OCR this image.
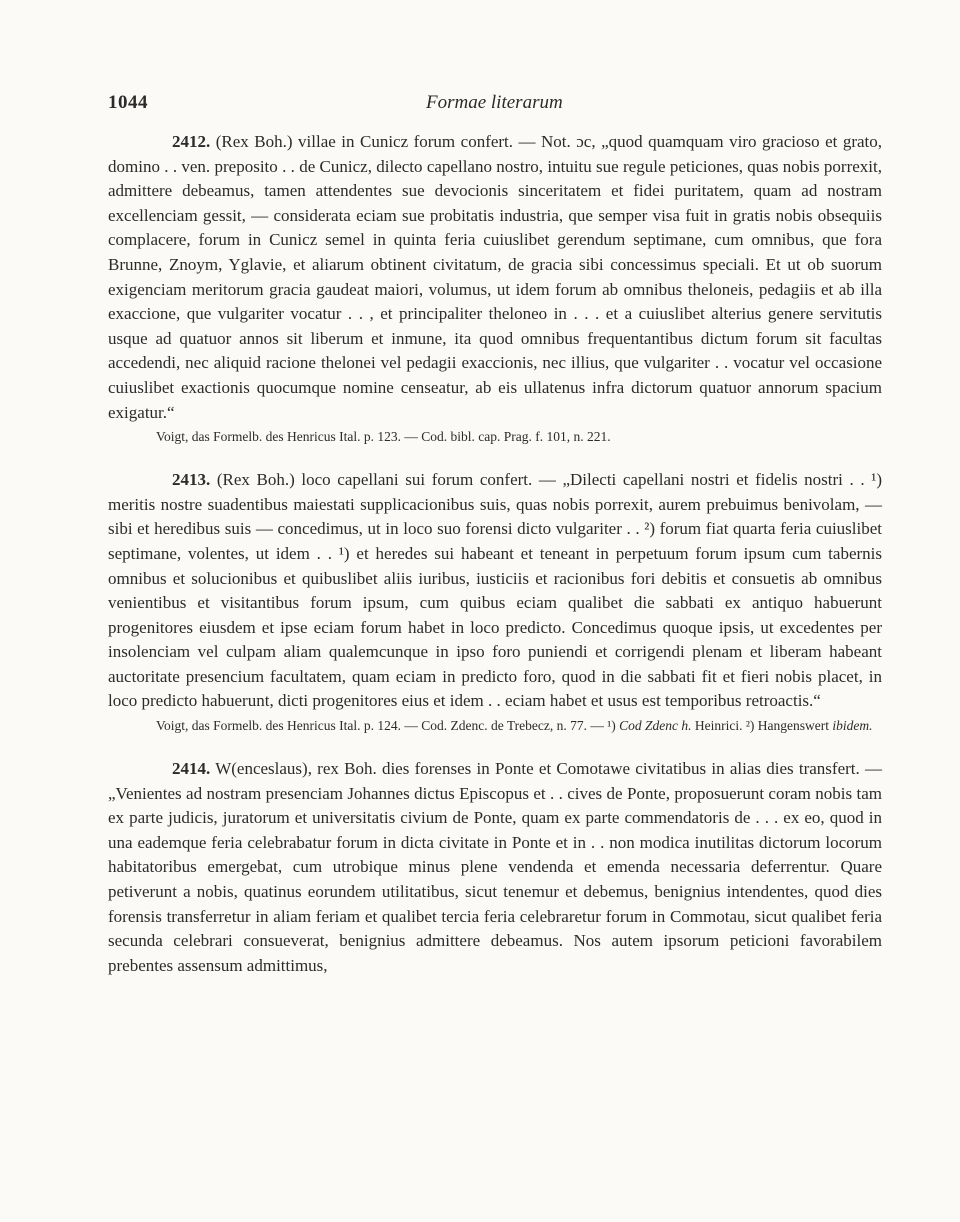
1044	Formae literarum

2412. (Rex Boh.) villae in Cunicz forum confert. — Not. ɔc, „quod quamquam viro gracioso et grato, domino . . ven. preposito . . de Cunicz, dilecto capellano nostro, intuitu sue regule peticiones, quas nobis porrexit, admittere debeamus, tamen attendentes sue devocionis sinceritatem et fidei puritatem, quam ad nostram excellenciam gessit, — considerata eciam sue probitatis industria, que semper visa fuit in gratis nobis obsequiis complacere, forum in Cunicz semel in quinta feria cuiuslibet gerendum septimane, cum omnibus, que fora Brunne, Znoym, Yglavie, et aliarum obtinent civitatum, de gracia sibi concessimus speciali. Et ut ob suorum exigenciam meritorum gracia gaudeat maiori, volumus, ut idem forum ab omnibus theloneis, pedagiis et ab illa exaccione, que vulgariter vocatur . . , et principaliter theloneo in . . . et a cuiuslibet alterius genere servitutis usque ad quatuor annos sit liberum et inmune, ita quod omnibus frequentantibus dictum forum sit facultas accedendi, nec aliquid racione thelonei vel pedagii exaccionis, nec illius, que vulgariter . . vocatur vel occasione cuiuslibet exactionis quocumque nomine censeatur, ab eis ullatenus infra dictorum quatuor annorum spacium exigatur.“

Voigt, das Formelb. des Henricus Ital. p. 123. — Cod. bibl. cap. Prag. f. 101, n. 221.

2413. (Rex Boh.) loco capellani sui forum confert. — „Dilecti capellani nostri et fidelis nostri . . ¹) meritis nostre suadentibus maiestati supplicacionibus suis, quas nobis porrexit, aurem prebuimus benivolam, — sibi et heredibus suis — concedimus, ut in loco suo forensi dicto vulgariter . . ²) forum fiat quarta feria cuiuslibet septimane, volentes, ut idem . . ¹) et heredes sui habeant et teneant in perpetuum forum ipsum cum tabernis omnibus et solucionibus et quibuslibet aliis iuribus, iusticiis et racionibus fori debitis et consuetis ab omnibus venientibus et visitantibus forum ipsum, cum quibus eciam qualibet die sabbati ex antiquo habuerunt progenitores eiusdem et ipse eciam forum habet in loco predicto. Concedimus quoque ipsis, ut excedentes per insolenciam vel culpam aliam qualemcunque in ipso foro puniendi et corrigendi plenam et liberam habeant auctoritate presencium facultatem, quam eciam in predicto foro, quod in die sabbati fit et fieri nobis placet, in loco predicto habuerunt, dicti progenitores eius et idem . . eciam habet et usus est temporibus retroactis.“

Voigt, das Formelb. des Henricus Ital. p. 124. — Cod. Zdenc. de Trebecz, n. 77. — ¹) Cod Zdenc h. Heinrici. ²) Hangenswert ibidem.

2414. W(enceslaus), rex Boh. dies forenses in Ponte et Comotawe civitatibus in alias dies transfert. — „Venientes ad nostram presenciam Johannes dictus Episcopus et . . cives de Ponte, proposuerunt coram nobis tam ex parte judicis, juratorum et universitatis civium de Ponte, quam ex parte commendatoris de . . . ex eo, quod in una eademque feria celebrabatur forum in dicta civitate in Ponte et in . . non modica inutilitas dictorum locorum habitatoribus emergebat, cum utrobique minus plene vendenda et emenda necessaria deferrentur. Quare petiverunt a nobis, quatinus eorundem utilitatibus, sicut tenemur et debemus, benignius intendentes, quod dies forensis transferretur in aliam feriam et qualibet tercia feria celebraretur forum in Commotau, sicut qualibet feria secunda celebrari consueverat, benignius admittere debeamus. Nos autem ipsorum peticioni favorabilem prebentes assensum admittimus,
